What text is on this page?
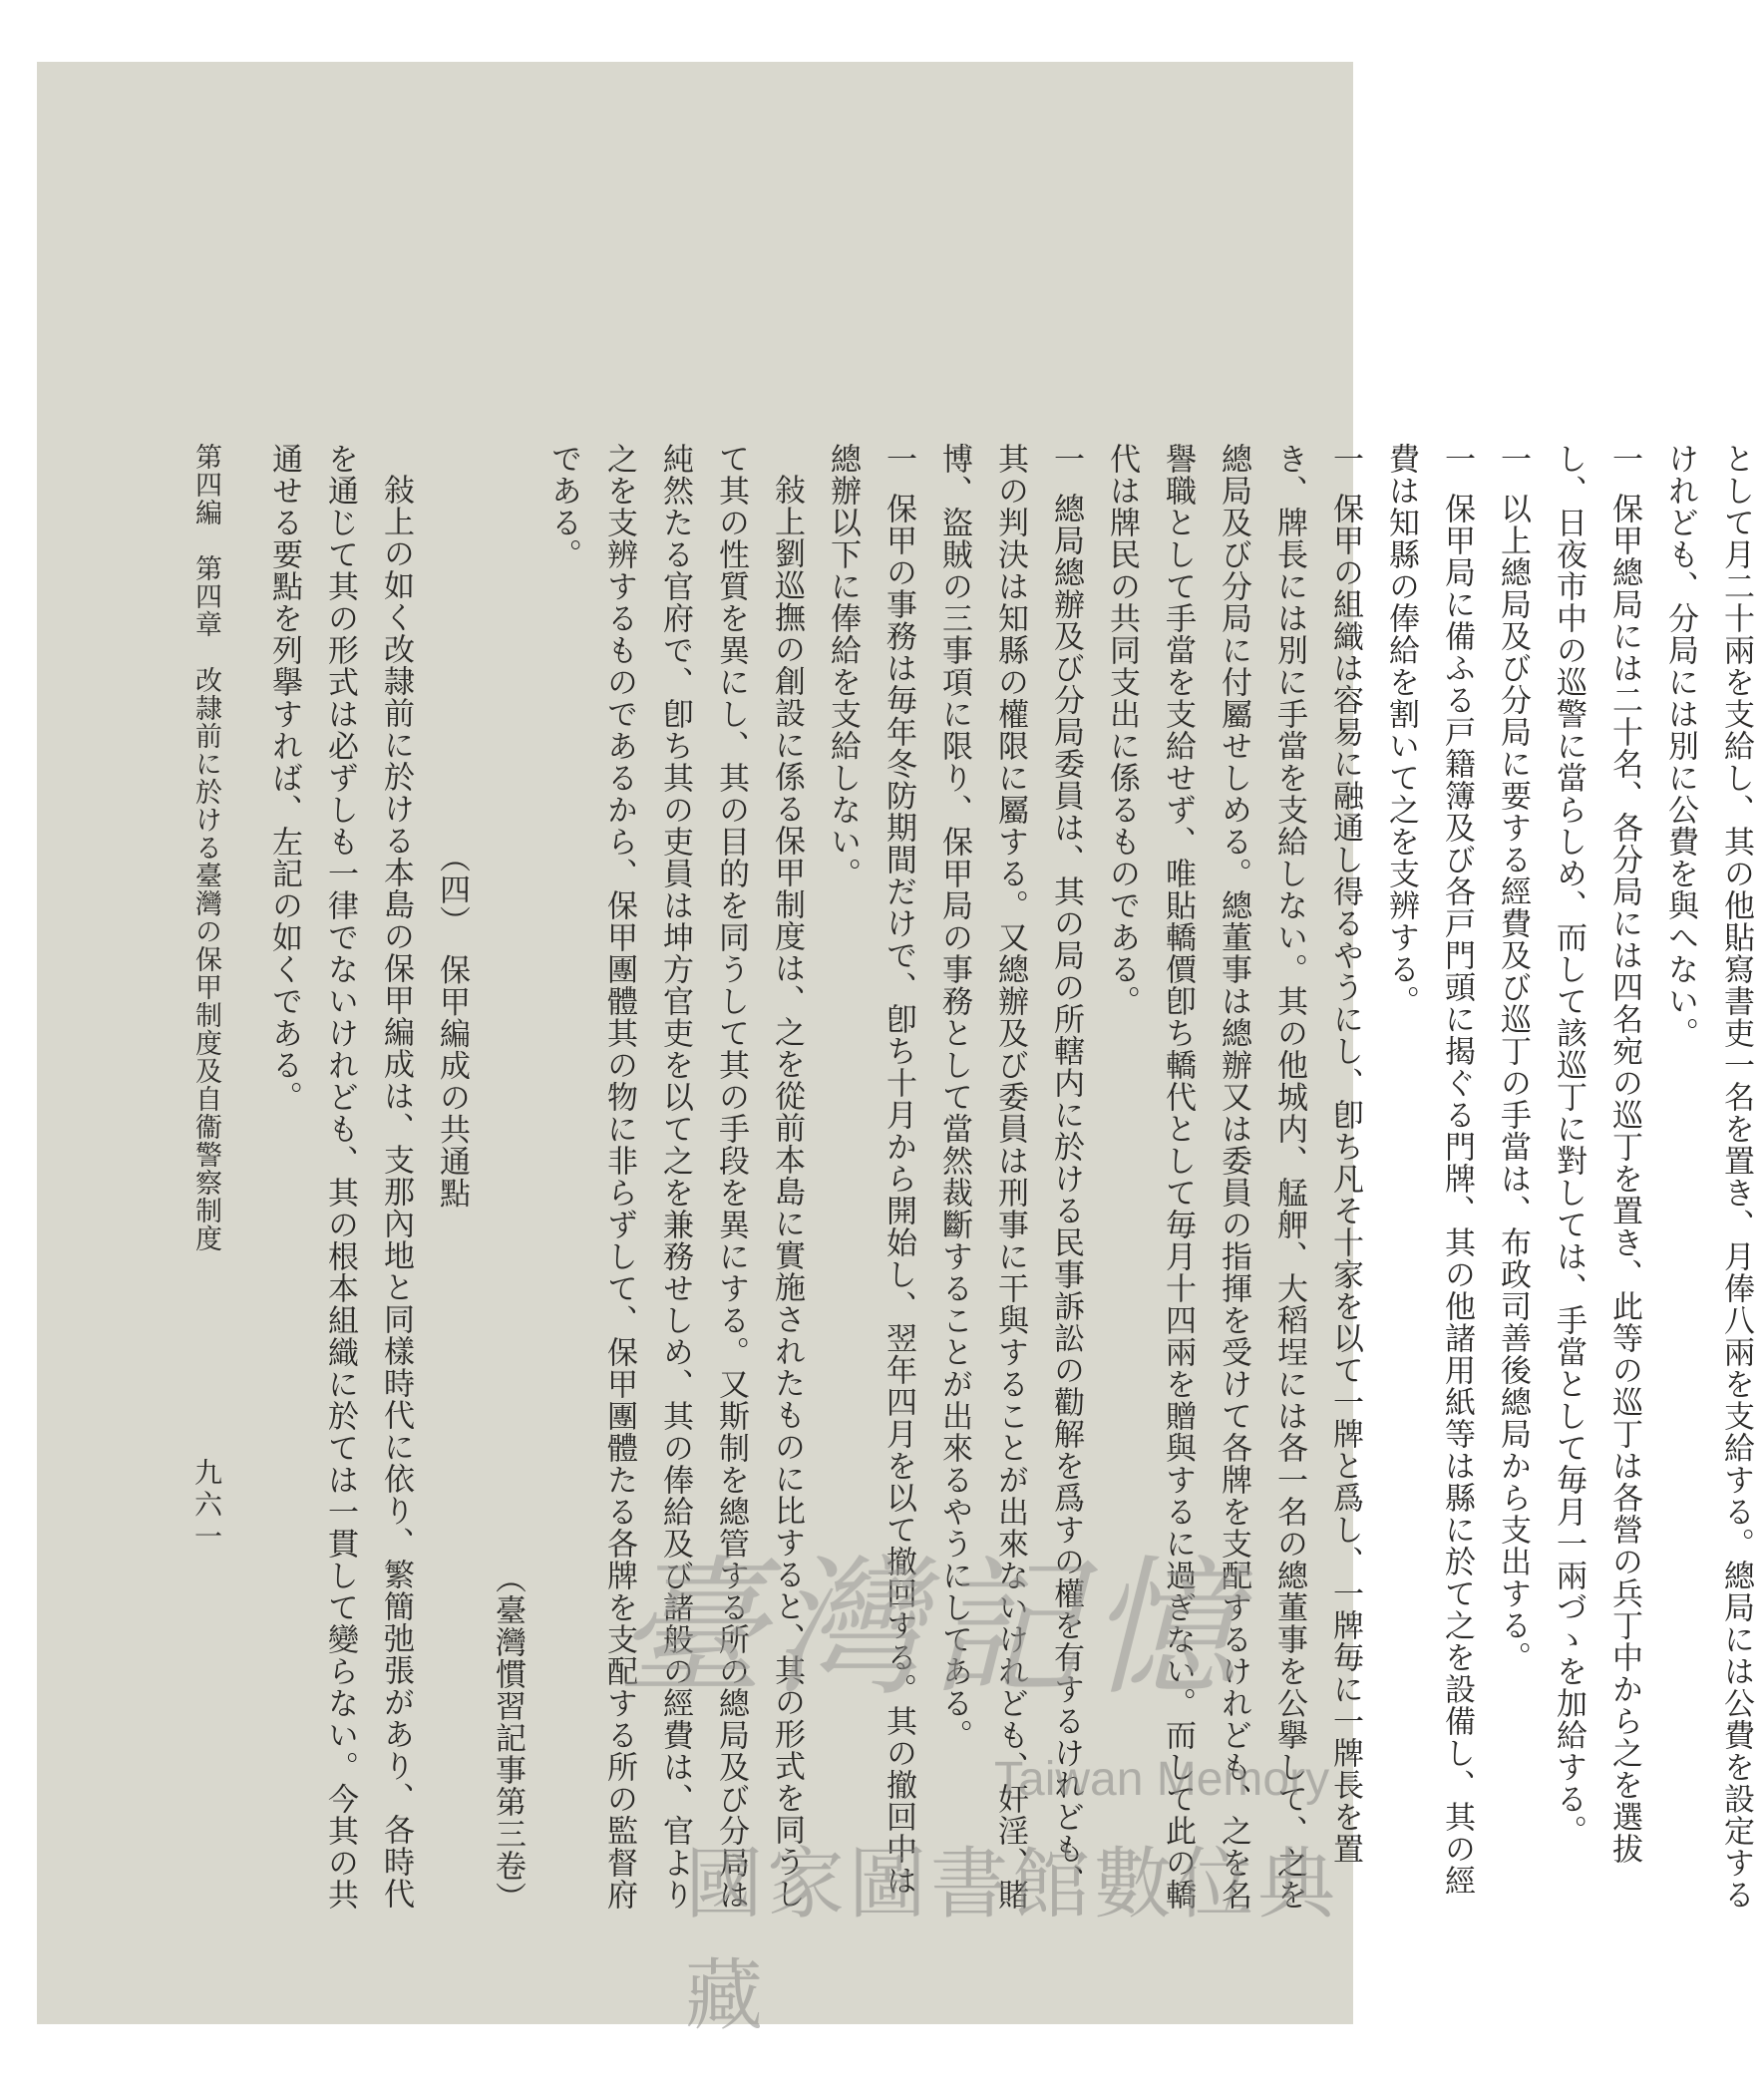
として月二十兩を支給し、其の他貼寫書吏一名を置き、月俸八兩を支給する。總局には公費を設定するけれども、分局には別に公費を與へない。

一保甲總局には二十名、各分局には四名宛の巡丁を置き、此等の巡丁は各營の兵丁中から之を選拔し、日夜市中の巡警に當らしめ、而して該巡丁に對しては、手當として毎月一兩づゝを加給する。

一以上總局及び分局に要する經費及び巡丁の手當は、布政司善後總局から支出する。

一保甲局に備ふる戸籍簿及び各戸門頭に揭ぐる門牌、其の他諸用紙等は縣に於て之を設備し、其の經費は知縣の俸給を割いて之を支辨する。

一保甲の組織は容易に融通し得るやうにし、卽ち凡そ十家を以て一牌と爲し、一牌毎に一牌長を置き、牌長には別に手當を支給しない。其の他城内、艋舺、大稻埕には各一名の總董事を公擧して、之を總局及び分局に付屬せしめる。總董事は總辦又は委員の指揮を受けて各牌を支配するけれども、之を名譽職として手當を支給せず、唯貼轎價卽ち轎代として毎月十四兩を贈與するに過ぎない。而して此の轎代は牌民の共同支出に係るものである。

一總局總辦及び分局委員は、其の局の所轄内に於ける民事訴訟の勸解を爲すの權を有するけれども、其の判決は知縣の權限に屬する。又總辦及び委員は刑事に干與することが出來ないけれども、奸淫、賭博、盜賊の三事項に限り、保甲局の事務として當然裁斷することが出來るやうにしてある。

一保甲の事務は毎年冬防期間だけで、卽ち十月から開始し、翌年四月を以て撤回する。其の撤回中は總辦以下に俸給を支給しない。

敍上劉巡撫の創設に係る保甲制度は、之を從前本島に實施されたものに比すると、其の形式を同うして其の性質を異にし、其の目的を同うして其の手段を異にする。又斯制を總管する所の總局及び分局は純然たる官府で、卽ち其の吏員は坤方官吏を以て之を兼務せしめ、其の俸給及び諸般の經費は、官より之を支辨するものであるから、保甲團體其の物に非らずして、保甲團體たる各牌を支配する所の監督府である。

（臺灣慣習記事第三卷）

（四）　保甲編成の共通點

敍上の如く改隷前に於ける本島の保甲編成は、支那內地と同樣時代に依り、繁簡弛張があり、各時代を通じて其の形式は必ずしも一律でないけれども、其の根本組織に於ては一貫して變らない。今其の共通せる要點を列擧すれば、左記の如くである。

第四編　第四章　改隷前に於ける臺灣の保甲制度及自衞警察制度
九六一
臺灣記憶
Taiwan Memory
國家圖書館數位典藏
